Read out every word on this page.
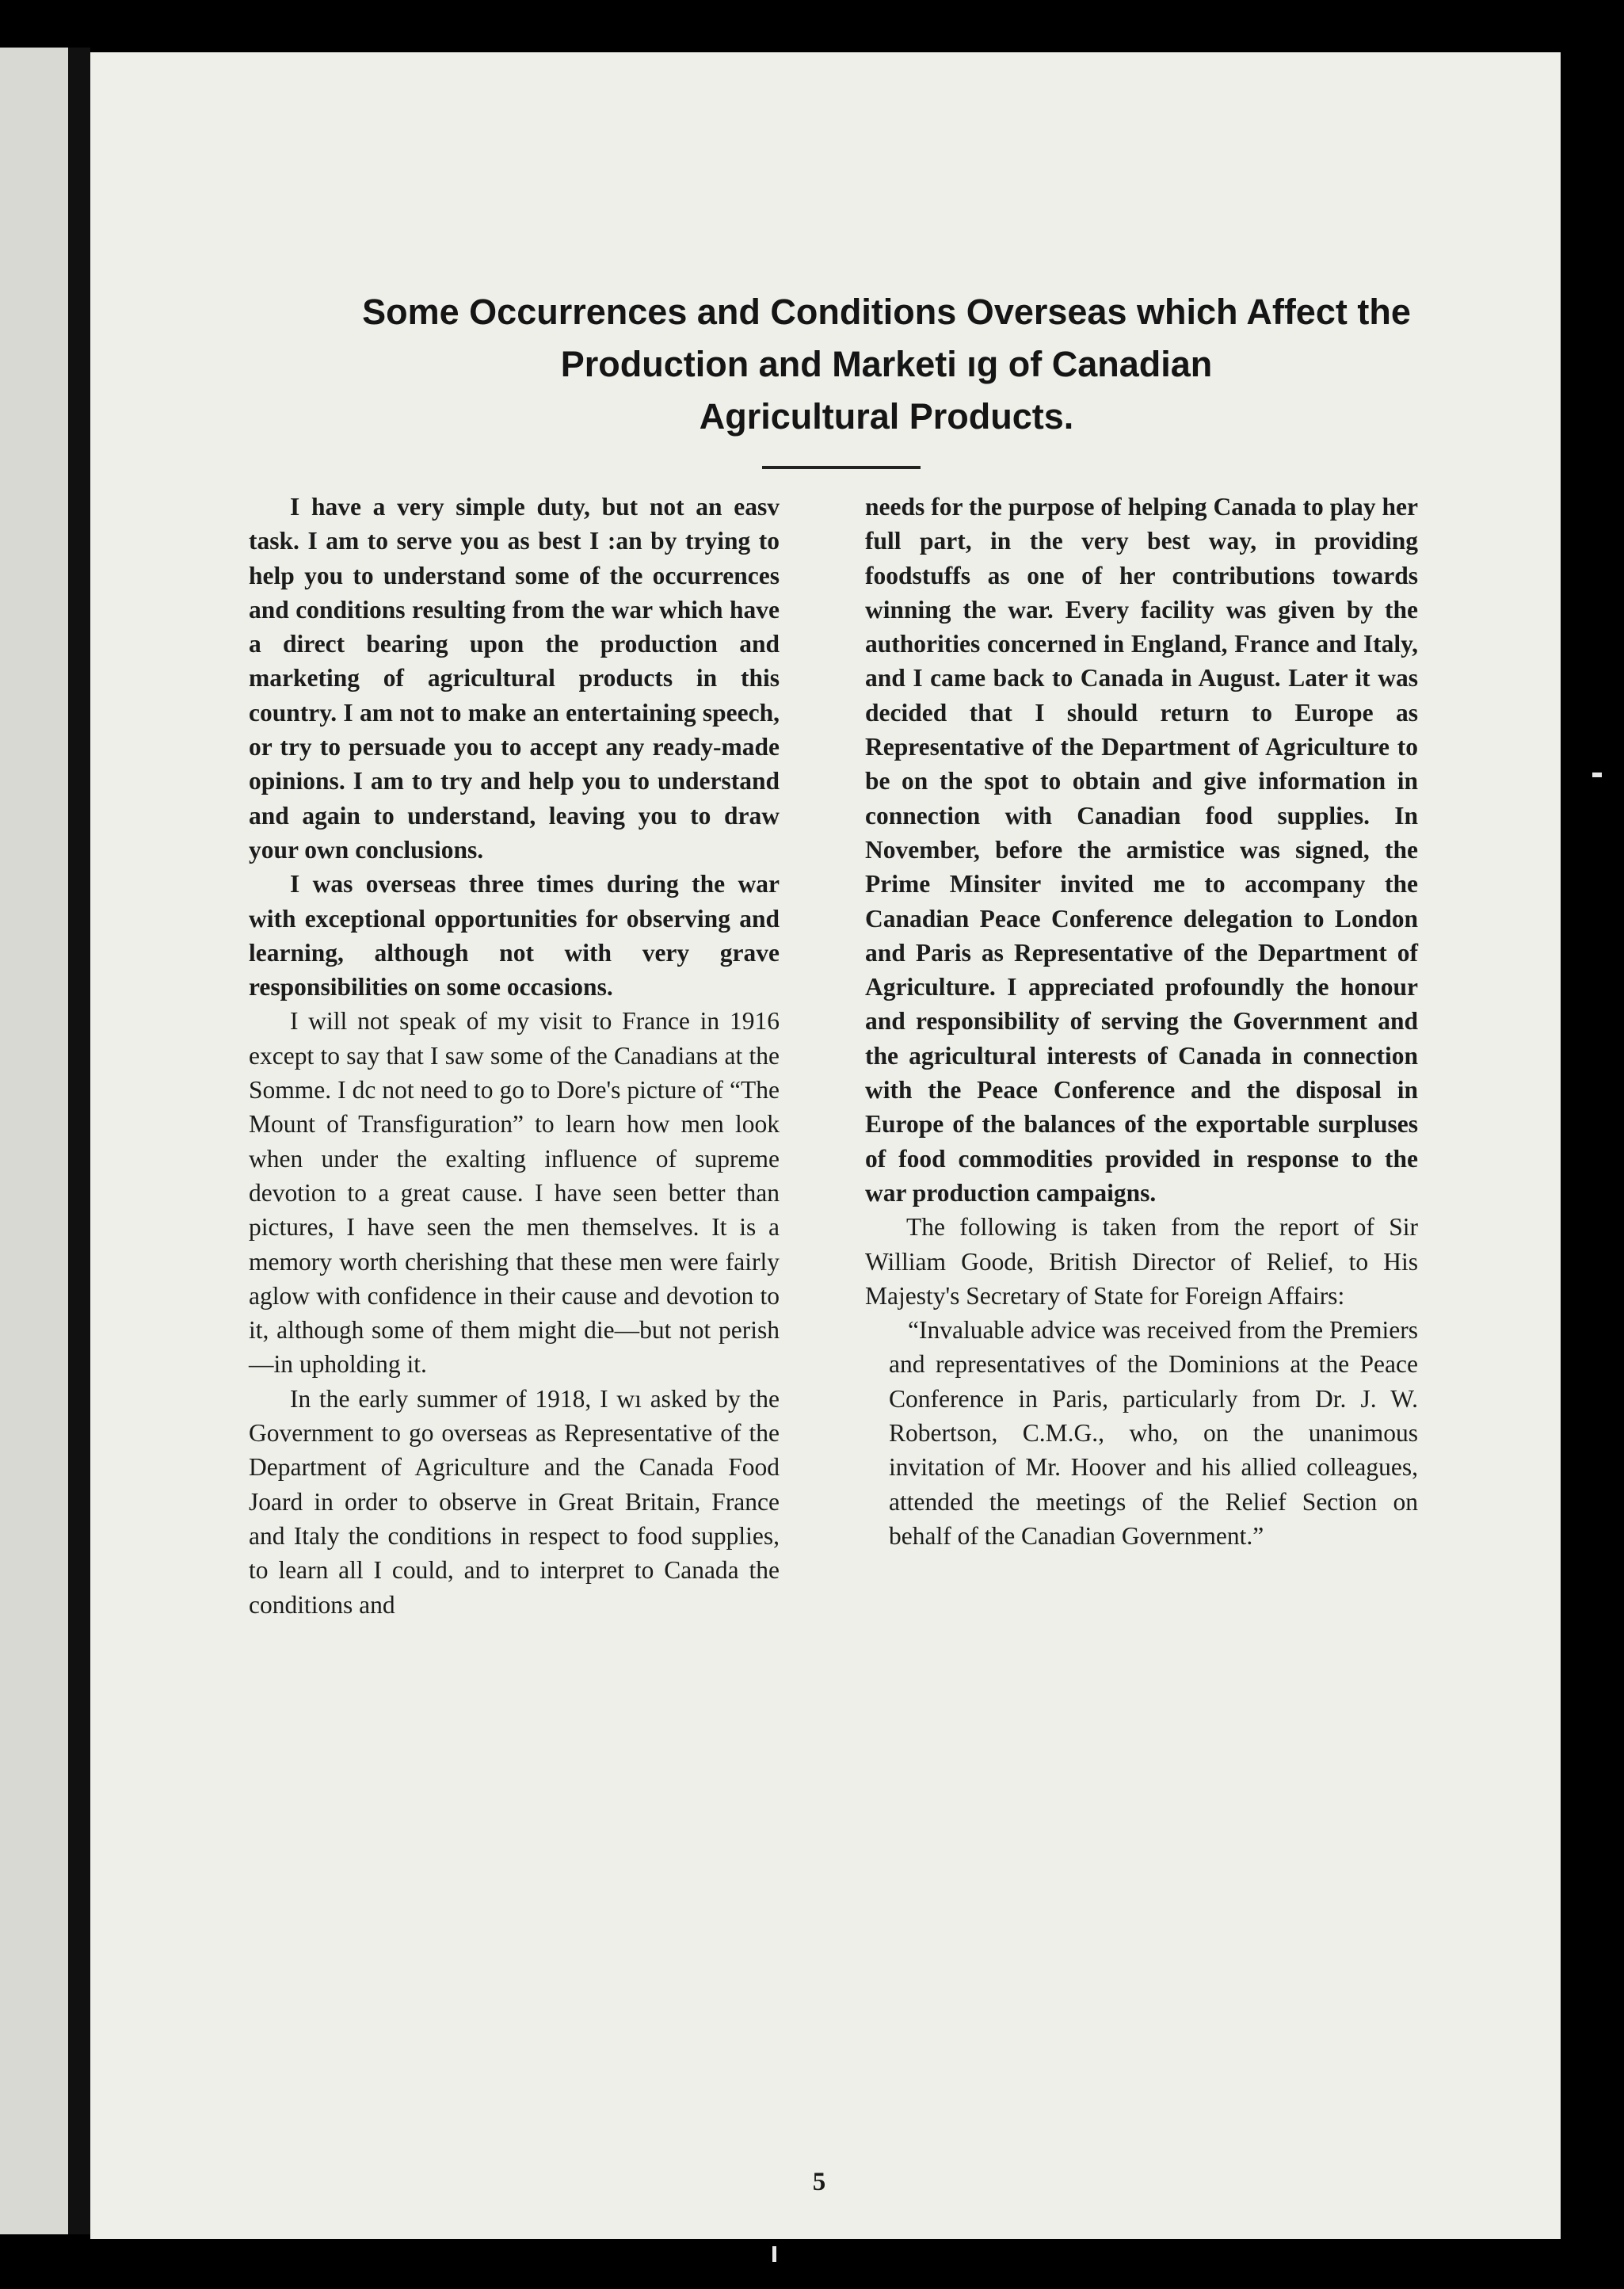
Some Occurrences and Conditions Overseas which Affect the
Production and Marketi ıg of Canadian
Agricultural Products.

I have a very simple duty, but not an easv task. I am to serve you as best I :an by trying to help you to understand some of the occurrences and conditions resulting from the war which have a direct bearing upon the production and marketing of agricultural products in this country. I am not to make an entertaining speech, or try to persuade you to accept any ready-made opinions. I am to try and help you to understand and again to understand, leaving you to draw your own conclusions.

I was overseas three times during the war with exceptional opportunities for observing and learning, although not with very grave responsibilities on some occasions.

I will not speak of my visit to France in 1916 except to say that I saw some of the Canadians at the Somme. I dc not need to go to Dore's picture of “The Mount of Transfiguration” to learn how men look when under the exalting influence of supreme devotion to a great cause. I have seen better than pictures, I have seen the men themselves. It is a memory worth cherishing that these men were fairly aglow with confidence in their cause and devotion to it, although some of them might die—but not perish—in upholding it.

In the early summer of 1918, I wı asked by the Government to go overseas as Representative of the Department of Agriculture and the Canada Food Јoard in order to observe in Great Britain, France and Italy the conditions in respect to food supplies, to learn all I could, and to interpret to Canada the conditions and

needs for the purpose of helping Canada to play her full part, in the very best way, in providing foodstuffs as one of her contributions towards winning the war. Every facility was given by the authorities concerned in England, France and Italy, and I came back to Canada in August. Later it was decided that I should return to Europe as Representative of the Department of Agriculture to be on the spot to obtain and give information in connection with Canadian food supplies. In November, before the armistice was signed, the Prime Minsiter invited me to accompany the Canadian Peace Conference delegation to London and Paris as Representative of the Department of Agriculture. I appreciated profoundly the honour and responsibility of serving the Government and the agricultural interests of Canada in connection with the Peace Conference and the disposal in Europe of the balances of the exportable surpluses of food commodities provided in response to the war production campaigns.

The following is taken from the report of Sir William Goode, British Director of Relief, to His Majesty's Secretary of State for Foreign Affairs:

“Invaluable advice was received from the Premiers and representatives of the Dominions at the Peace Conference in Paris, particularly from Dr. J. W. Robertson, C.M.G., who, on the unanimous invitation of Mr. Hoover and his allied colleagues, attended the meetings of the Relief Section on behalf of the Canadian Government.”

5
